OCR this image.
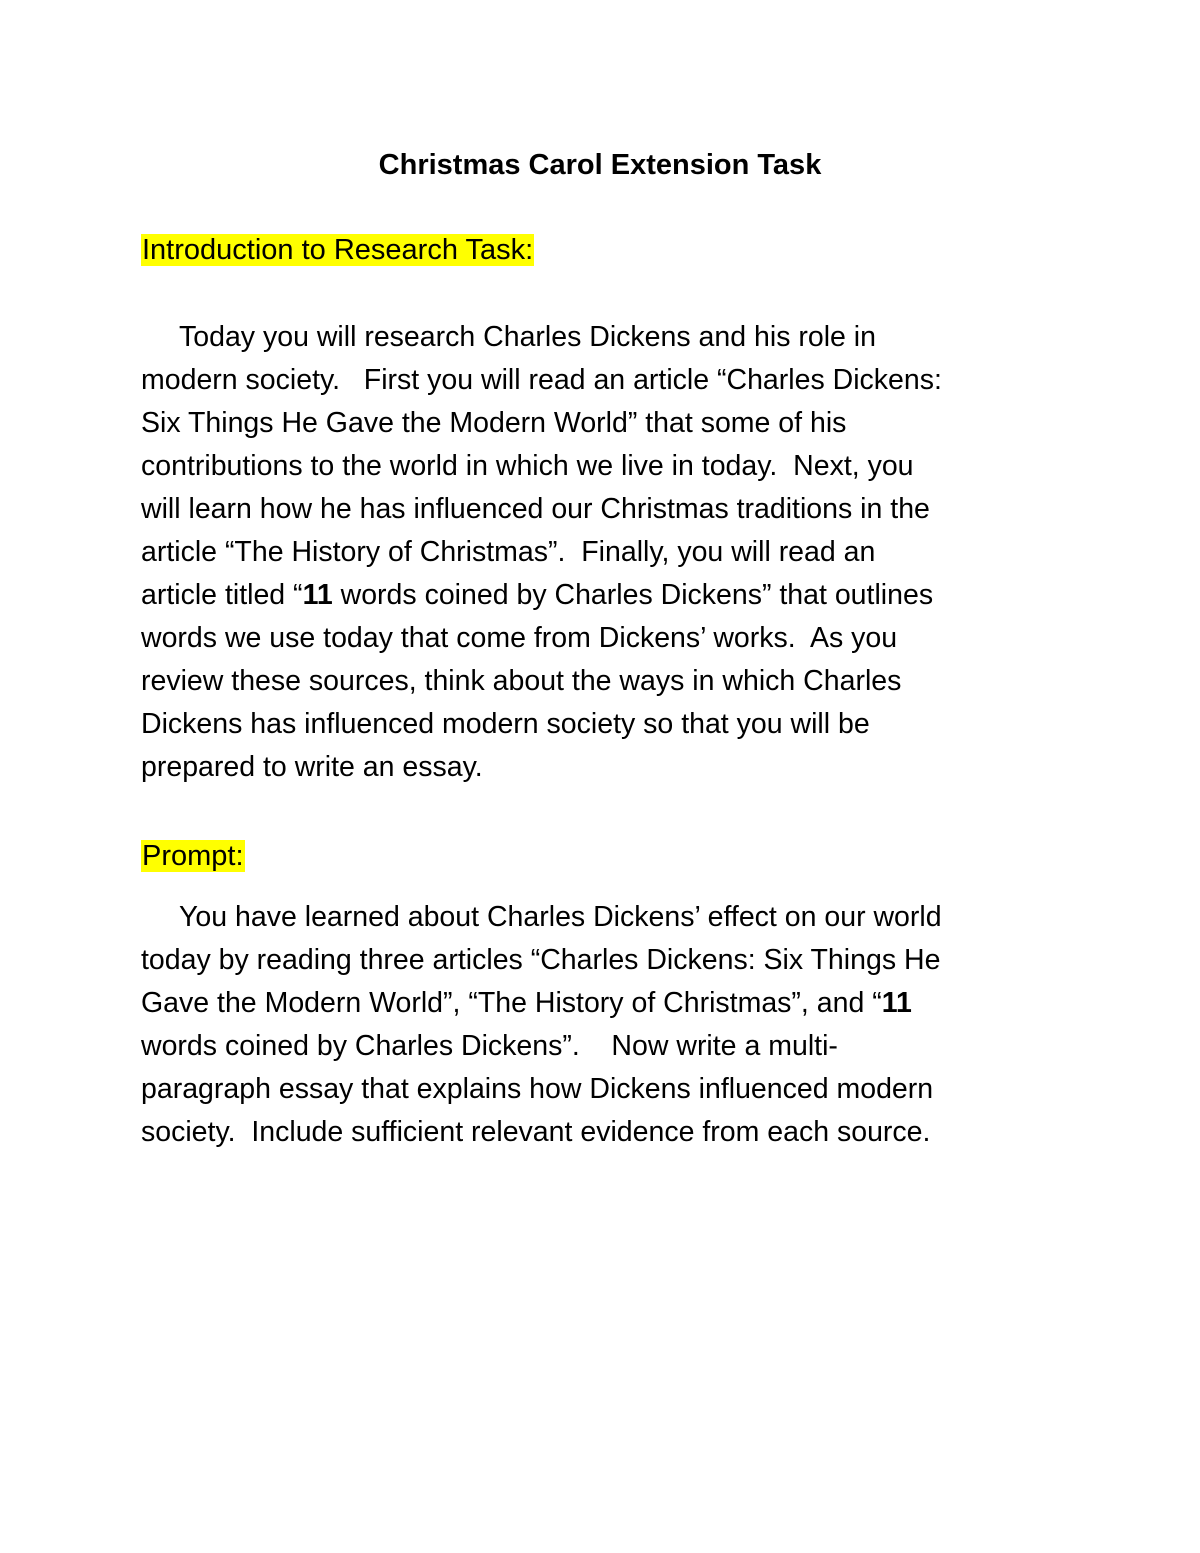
Christmas Carol Extension Task
Introduction to Research Task:

Today you will research Charles Dickens and his role in
modern society.   First you will read an article “Charles Dickens:
Six Things He Gave the Modern World” that some of his
contributions to the world in which we live in today.  Next, you
will learn how he has influenced our Christmas traditions in the
article “The History of Christmas”.  Finally, you will read an
article titled “11 words coined by Charles Dickens” that outlines
words we use today that come from Dickens’ works.  As you
review these sources, think about the ways in which Charles
Dickens has influenced modern society so that you will be
prepared to write an essay.

Prompt:

You have learned about Charles Dickens’ effect on our world
today by reading three articles “Charles Dickens: Six Things He
Gave the Modern World”, “The History of Christmas”, and “11
words coined by Charles Dickens”.    Now write a multi-
paragraph essay that explains how Dickens influenced modern
society.  Include sufficient relevant evidence from each source.
